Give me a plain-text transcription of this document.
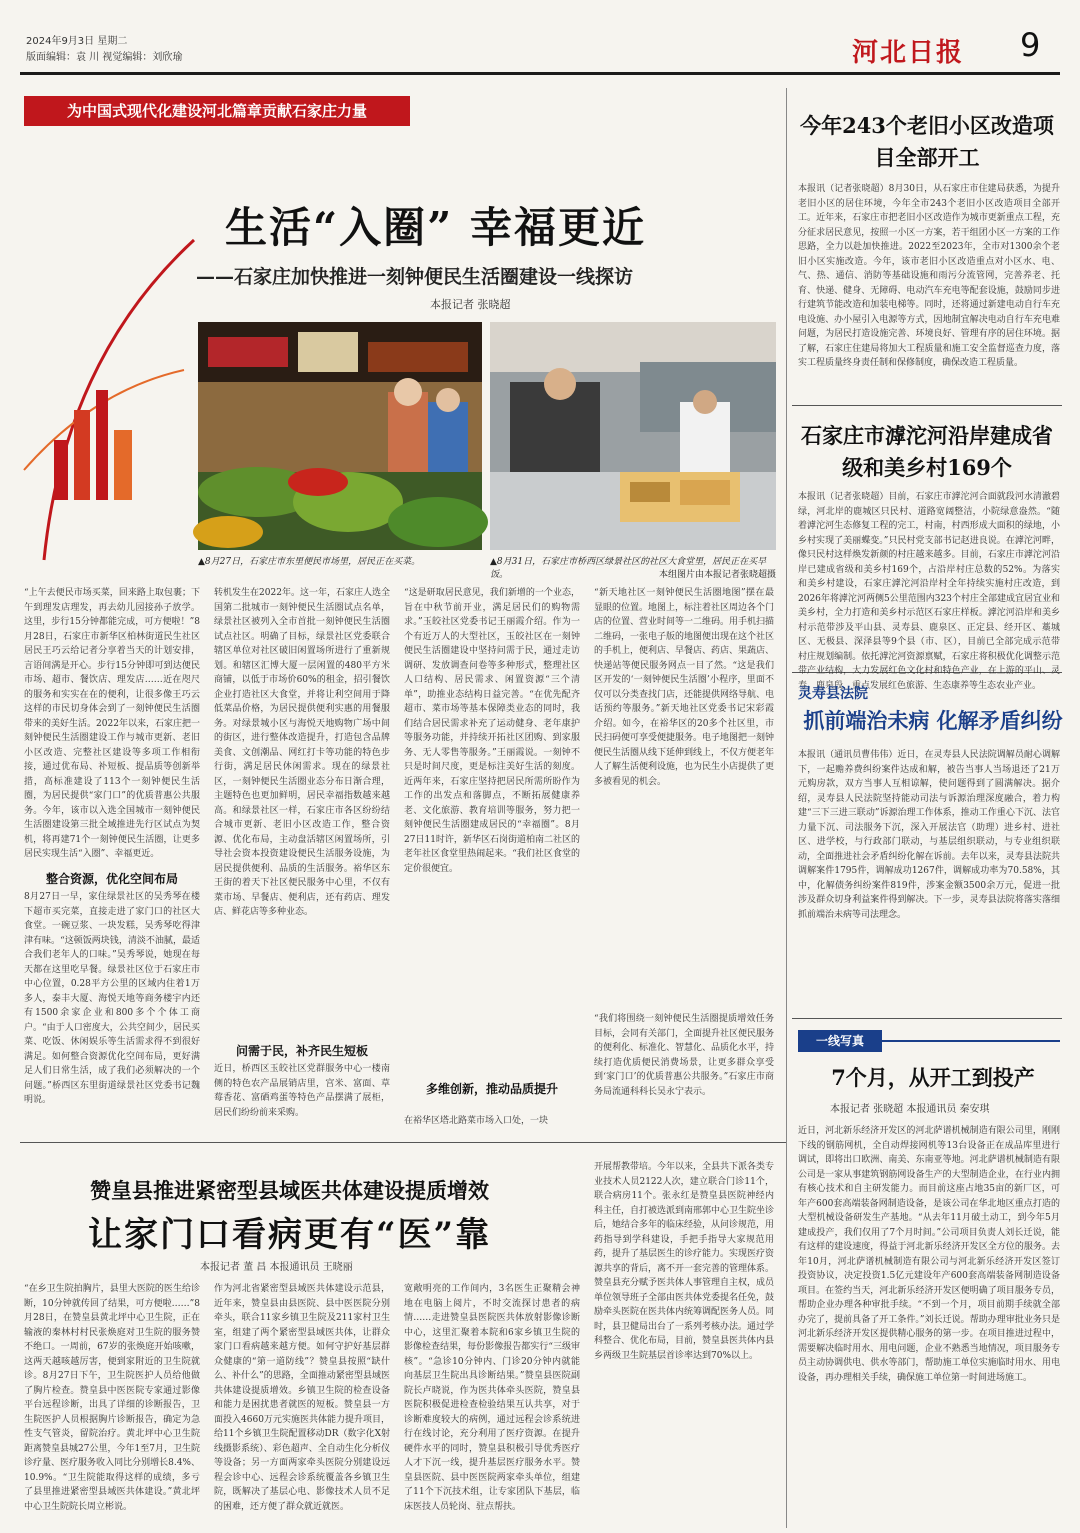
2024年9月3日 星期二
版面编辑：袁 川 视觉编辑：刘欣瑜	河北日报 9
为中国式现代化建设河北篇章贡献石家庄力量
生活“入圈” 幸福更近
——石家庄加快推进一刻钟便民生活圈建设一线探访
本报记者 张晓超
▲8月27日，石家庄市东里便民市场里，居民正在买菜。	▲8月31日，石家庄市桥西区绿景社区的社区大食堂里，居民正在买早饭。	本组图片由本报记者张晓超摄
“上午去便民市场买菜，回来路上取包裹；下午到理发店理发，再去幼儿园接孙子放学。这里，步行15分钟都能完成，可方便啦！”8月28日，石家庄市新华区柏林街道民生社区居民王巧云给记者分享着当天的计划安排，言语间满是开心。步行15分钟即可到达便民市场、超市、餐饮店、理发店……近在咫尺的服务和实实在在的便利，让很多像王巧云这样的市民切身体会到了一刻钟便民生活圈带来的美好生活。2022年以来，石家庄把一刻钟便民生活圈建设工作与城市更新、老旧小区改造、完整社区建设等多项工作相衔接，通过优布局、补短板、提品质等创新举措，高标准建设了113个一刻钟便民生活圈，为居民提供“家门口”的优质普惠公共服务。今年，该市以入选全国城市一刻钟便民生活圈建设第三批全域推进先行区试点为契机，将再建71个一刻钟便民生活圈，让更多居民实现生活“入圈”、幸福更近。
整合资源，优化空间布局
8月27日一早，家住绿景社区的吴秀琴在楼下超市买完菜，直接走进了家门口的社区大食堂。一碗豆浆、一块发糕，吴秀琴吃得津津有味。“这顿饭两块钱，清淡不油腻，最适合我们老年人的口味。”吴秀琴说，她现在每天都在这里吃早餐。绿景社区位于石家庄市中心位置，0.28平方公里的区域内住着1万多人，泰丰大厦、海悦天地等商务楼宇内还有1500余家企业和800多个个体工商户。“由于人口密度大，公共空间少，居民买菜、吃饭、休闲娱乐等生活需求得不到很好满足。如何整合资源优化空间布局，更好满足人们日常生活，成了我们必须解决的一个问题。”桥西区东里街道绿景社区党委书记魏明说。
转机发生在2022年。这一年，石家庄人选全国第二批城市一刻钟便民生活圈试点名单，绿景社区被列入全市首批一刻钟便民生活圈试点社区。明确了目标，绿景社区党委联合辖区单位对社区破旧闲置场所进行了重新规划。和辖区汇博大厦一层闲置的480平方米商铺，以低于市场价60%的租金，招引餐饮企业打造社区大食堂，并将让利空间用于降低菜品价格，为居民提供便利实惠的用餐服务。对绿景城小区与海悦天地购物广场中间的街区，进行整体改造提升，打造包含品牌美食、文创潮品、网红打卡等功能的特色步行街，满足居民休闲需求。现在的绿景社区，一刻钟便民生活圈业态分布日渐合理，主题特色也更加鲜明，居民幸福指数越来越高。和绿景社区一样，石家庄市各区纷纷结合城市更新、老旧小区改造工作，整合资源、优化布局，主动盘活辖区闲置场所，引导社会资本投资建设便民生活服务设施，为居民提供便利、品质的生活服务。裕华区东王街的着天下社区便民服务中心里，不仅有菜市场、早餐店、便利店，还有药店、理发店、鲜花店等多种业态。
问需于民，补齐民生短板
近日，桥西区玉皎社区党群服务中心一楼南侧的特色农产品展销店里，宫米、富面、草莓香花、富硒鸡蛋等特色产品摆满了展柜，居民们纷纷前来采购。
“这是研取居民意见，我们新增的一个业态，旨在中秋节前开业，满足居民们的购物需求。”玉皎社区党委书记王丽霞介绍。作为一个有近万人的大型社区，玉皎社区在一刻钟便民生活圈建设中坚持问需于民，通过走访调研、发放调查问卷等多种形式，整理社区人口结构、居民需求、闲置资源“三个清单”，助推业态结构日益完善。“在优先配齐超市、菜市场等基本保障类业态的同时，我们结合居民需求补充了运动健身、老年康护等服务功能，并持续开拓社区团购、到家服务、无人零售等服务。”王丽霞说。一刻钟不只是时间尺度，更是标注美好生活的刻度。近两年来，石家庄坚持把居民所需所盼作为工作的出发点和落脚点，不断拓展健康养老、文化旅游、教育培训等服务，努力把一刻钟便民生活圈建成居民的“幸福圈”。8月27日11时许，新华区石岗街道柏南二社区的老年社区食堂里热闹起来。“我们社区食堂的定价很便宜。
多维创新，推动品质提升
在裕华区塔北路菜市场入口处，一块
“新天地社区一刻钟便民生活圈地图”摆在最显眼的位置。地图上，标注着社区周边各个门店的位置、营业时间等一二维码。用手机扫描二维码，一张电子版的地图便出现在这个社区的手机上，便利店、早餐店、药店、果蔬店、快递站等便民服务网点一目了然。“这是我们区开发的‘一刻钟便民生活圈’小程序，里面不仅可以分类查找门店，还能提供网络导航、电话预约等服务。”新天地社区党委书记宋彩霞介绍。如今，在裕华区的20多个社区里，市民扫码便可享受便捷服务。电子地图把一刻钟便民生活圈从线下延伸到线上，不仅方便老年人了解生活便利设施，也为民生小店提供了更多被看见的机会。
“我们将围绕一刻钟便民生活圈提质增效任务目标，会同有关部门，全面提升社区便民服务的便利化、标准化、智慧化、品质化水平，持续打造优质便民消费场景，让更多群众享受到‘家门口’的优质普惠公共服务。”石家庄市商务局流通科科长吴永宁表示。
今年243个老旧小区改造项目全部开工
本报讯（记者张晓超）8月30日，从石家庄市住建局获悉，为提升老旧小区的居住环境，今年全市243个老旧小区改造项目全部开工。近年来，石家庄市把老旧小区改造作为城市更新重点工程，充分征求居民意见，按照一小区一方案，若干组团小区一方案的工作思路，全力以赴加快推进。2022至2023年，全市对1300余个老旧小区实施改造。今年，该市老旧小区改造重点对小区水、电、气、热、通信、消防等基础设施和雨污分流管网，完善养老、托育、快递、健身、无障碍、电动汽车充电等配套设施，鼓励同步进行建筑节能改造和加装电梯等。同时，还将通过新建电动自行车充电设施、办小屋引入电源等方式，因地制宜解决电动自行车充电难问题，为居民打造设施完善、环境良好、管理有序的居住环境。据了解，石家庄住建局将加大工程质量和施工安全监督巡查力度，落实工程质量终身责任制和保修制度，确保改造工程质量。
石家庄市滹沱河沿岸建成省级和美乡村169个
本报讯（记者张晓超）目前，石家庄市滹沱河合面就段河水清澈碧绿，河北岸的鹿城区只民村、道路宽阔整洁，小院绿意盎然。“随着滹沱河生态修复工程的完工，村南，村西形成大面积的绿地，小乡村实现了美丽蝶变。”只民村党支部书记赵进良说。在滹沱河畔，像只民村这样焕发新颜的村庄越来越多。目前，石家庄市滹沱河沿岸已建成省级和美乡村169个，占沿岸村庄总数的52%。为落实和美乡村建设，石家庄滹沱河沿岸村全年持续实施村庄改造，到2026年将滹沱河两侧5公里范围内323个村庄全部建成宜居宜业和美乡村，全力打造和美乡村示范区石家庄样板。滹沱河沿岸和美乡村示范带涉及平山县、灵寿县、鹿泉区、正定县、经开区、藁城区、无极县、深泽县等9个县（市、区），目前已全部完成示范带村庄规划编制。依托滹沱河资源禀赋，石家庄将积极优化调整示范带产业结构，大力发展红色文化村和特色产业，在上游的平山、灵寿、鹿泉段，重点发展红色旅游、生态康养等生态农业产业。
灵寿县法院
抓前端治未病 化解矛盾纠纷
本报讯（通讯员曹伟伟）近日，在灵寿县人民法院调解员耐心调解下，一起赡养费纠纷案件达成和解，被告当事人当场退还了21万元购房款，双方当事人互相谅解，使问题得到了圆满解决。据介绍，灵寿县人民法院坚持能动司法与诉源治理深度融合，着力构建“三下三进三联动”诉源治理工作体系，推动工作重心下沉、法官力量下沉、司法服务下沉，深入开展法官（助理）进乡村、进社区、进学校，与行政部门联动，与基层组织联动，与专业组织联动，全面推进社会矛盾纠纷化解在诉前。去年以来，灵寿县法院共调解案件1795件，调解成功1267件，调解成功率为70.58%，其中，化解债务纠纷案件819件，涉案金额3500余万元，促进一批涉及群众切身利益案件得到解决。下一步，灵寿县法院将落实落细抓前端治未病等司法理念。
一线写真
7个月，从开工到投产
本报记者 张晓超 本报通讯员 秦安琪
近日，河北新乐经济开发区的河北萨谱机械制造有限公司里，刚刚下线的钢筋网机，全自动焊接网机等13台设备正在成品库里进行调试，即将出口欧洲、南美、东南亚等地。河北萨谱机械制造有限公司是一家从事建筑钢筋网设备生产的大型制造企业，在行业内拥有核心技术和自主研发能力。而目前这座占地35亩的新厂区，可年产600套高端装备网制造设备，是该公司在华北地区重点打造的大型机械设备研发生产基地。“从去年11月破土动工，到今年5月建成投产，我们仅用了7个月时间。”公司项目负责人刘长迁说，能有这样的建设速度，得益于河北新乐经济开发区全方位的服务。去年10月，河北萨谱机械制造有限公司与河北新乐经济开发区签订投资协议，决定投资1.5亿元建设年产600套高端装备网制造设备项目。在签约当天，河北新乐经济开发区便明确了项目服务专员，帮助企业办理各种审批手续。“不到一个月，项目前期手续就全部办完了，提前具备了开工条件。”刘长迁说。帮助办理审批业务只是河北新乐经济开发区提供精心服务的第一步。在项目推进过程中，需要解决临时用水、用电问题，企业不熟悉当地情况，项目服务专员主动协调供电、供水等部门，帮助施工单位实施临时用水、用电设备，再办理相关手续，确保施工单位第一时间进场施工。
赞皇县推进紧密型县域医共体建设提质增效
让家门口看病更有“医”靠
本报记者 董 昌 本报通讯员 王晓丽
“在乡卫生院拍胸片，县里大医院的医生给诊断，10分钟就传回了结果，可方便啦……”8月28日，在赞皇县黄北坪中心卫生院，正在输液的秦林村村民张焕庭对卫生院的服务赞不绝口。一周前，67岁的张焕庭开始咳嗽，这两天越咳越厉害，便到家附近的卫生院就诊。8月27日下午，卫生院医护人员给他做了胸片检查。赞皇县中医医院专家通过影像平台远程诊断，出具了详细的诊断报告，卫生院医护人员根据胸片诊断报告，确定为急性支气管炎，留院治疗。黄北坪中心卫生院距离赞皇县城27公里，今年1至7月，卫生院诊疗量、医疗服务收入同比分别增长8.4%、10.9%。“卫生院能取得这样的成绩，多亏了县里推进紧密型县域医共体建设。”黄北坪中心卫生院院长周立彬说。
作为河北省紧密型县域医共体建设示范县，近年来，赞皇县由县医院、县中医医院分别牵头，联合11家乡镇卫生院及211家村卫生室，组建了两个紧密型县域医共体，让群众家门口看病越来越方便。如何守护好基层群众健康的“第一道防线”？赞皇县按照“缺什么、补什么”的思路，全面推动紧密型县域医共体建设提质增效。乡镇卫生院的检查设备和能力是困扰患者就医的短板。赞皇县一方面投入4660万元实施医共体能力提升项目，给11个乡镇卫生院配置移动DR（数字化X射线摄影系统）、彩色超声、全自动生化分析仪等设备；另一方面两家牵头医院分别建设远程会诊中心、远程会诊系统覆盖各乡镇卫生院，既解决了基层心电、影像技术人员不足的困难，还方便了群众就近就医。
宽敞明亮的工作间内，3名医生正聚精会神地在电脑上阅片，不时交流探讨患者的病情……走进赞皇县医院医共体放射影像诊断中心，这里汇聚着本院和6家乡镇卫生院的影像检查结果，每份影像报告都实行“三级审核”。“急诊10分钟内、门诊20分钟内就能向基层卫生院出具诊断结果。”赞皇县医院副院长卢晓说，作为医共体牵头医院，赞皇县医院积极促进检查检验结果互认共享，对于诊断难度较大的病例，通过远程会诊系统进行在线讨论，充分利用了医疗资源。在提升硬件水平的同时，赞皇县积极引导优秀医疗人才下沉一线，提升基层医疗服务水平。赞皇县医院、县中医医院两家牵头单位，组建了11个下沉技术组，让专家团队下基层，临床医技人员轮岗、驻点帮扶。
开展帮教带培。今年以来，全县共下派各类专业技术人员2122人次，建立联合门诊11个，联合病房11个。张永红是赞皇县医院神经内科主任，自打被选派到南邢郭中心卫生院坐诊后，她结合多年的临床经验，从问诊规范，用药指导到学科建设，手把手指导大家规范用药，提升了基层医生的诊疗能力。实现医疗资源共享的背后，离不开一套完善的管理体系。赞皇县充分赋予医共体人事管理自主权，成员单位领导班子全部由医共体党委提名任免，鼓励牵头医院在医共体内统筹调配医务人员。同时，县卫健局出台了一系列考核办法。通过学科整合、优化布局，目前，赞皇县医共体内县乡两级卫生院基层首诊率达到70%以上。
